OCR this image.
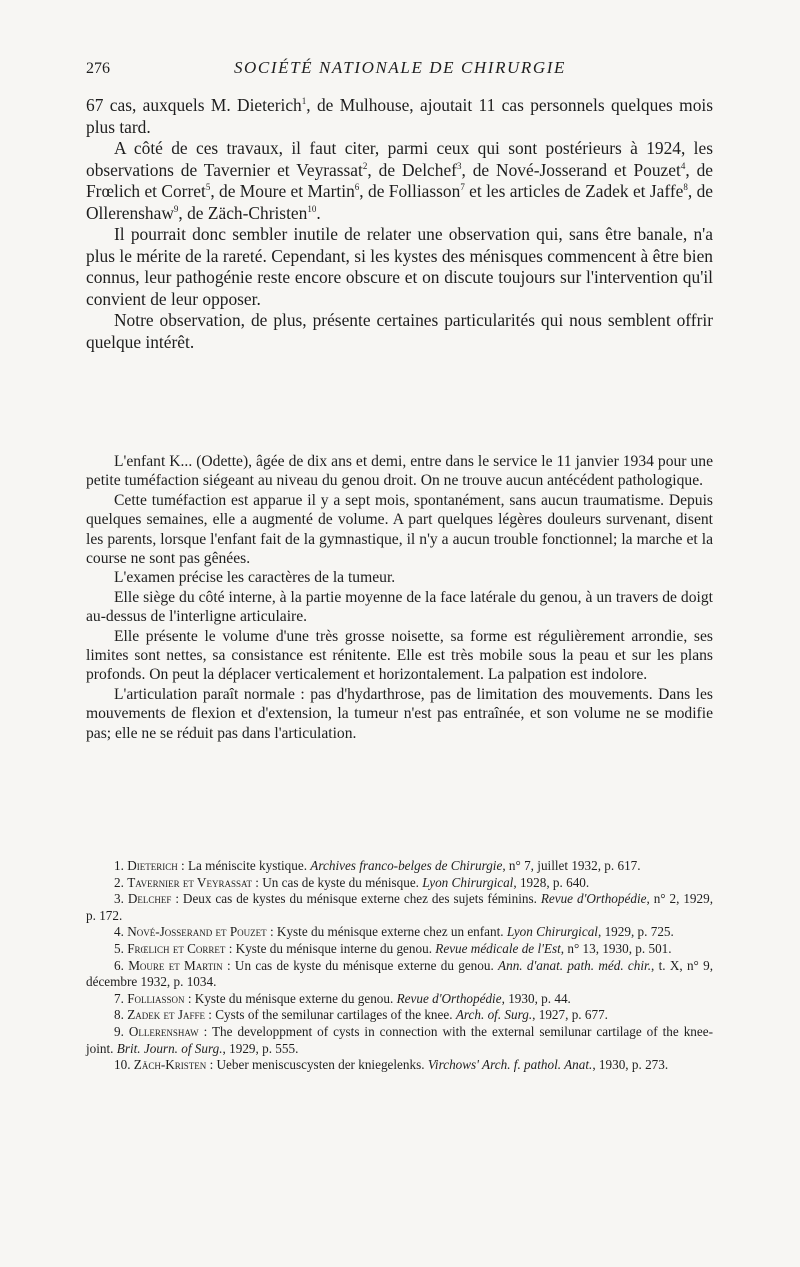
276	SOCIÉTÉ NATIONALE DE CHIRURGIE

67 cas, auxquels M. Dieterich$^1$, de Mulhouse, ajoutait 11 cas personnels quelques mois plus tard.

A côté de ces travaux, il faut citer, parmi ceux qui sont postérieurs à 1924, les observations de Tavernier et Veyrassat$^2$, de Delchef$^3$, de Nové-Josserand et Pouzet$^4$, de Frœlich et Corret$^5$, de Moure et Martin$^6$, de Folliasson$^7$ et les articles de Zadek et Jaffe$^8$, de Ollerenshaw$^9$, de Zäch-Christen$^{10}$.

Il pourrait donc sembler inutile de relater une observation qui, sans être banale, n'a plus le mérite de la rareté. Cependant, si les kystes des ménisques commencent à être bien connus, leur pathogénie reste encore obscure et on discute toujours sur l'intervention qu'il convient de leur opposer.

Notre observation, de plus, présente certaines particularités qui nous semblent offrir quelque intérêt.

L'enfant K... (Odette), âgée de dix ans et demi, entre dans le service le 11 janvier 1934 pour une petite tuméfaction siégeant au niveau du genou droit. On ne trouve aucun antécédent pathologique.

Cette tuméfaction est apparue il y a sept mois, spontanément, sans aucun traumatisme. Depuis quelques semaines, elle a augmenté de volume. A part quelques légères douleurs survenant, disent les parents, lorsque l'enfant fait de la gymnastique, il n'y a aucun trouble fonctionnel; la marche et la course ne sont pas gênées.

L'examen précise les caractères de la tumeur.

Elle siège du côté interne, à la partie moyenne de la face latérale du genou, à un travers de doigt au-dessus de l'interligne articulaire.

Elle présente le volume d'une très grosse noisette, sa forme est régulièrement arrondie, ses limites sont nettes, sa consistance est rénitente. Elle est très mobile sous la peau et sur les plans profonds. On peut la déplacer verticalement et horizontalement. La palpation est indolore.

L'articulation paraît normale : pas d'hydarthrose, pas de limitation des mouvements. Dans les mouvements de flexion et d'extension, la tumeur n'est pas entraînée, et son volume ne se modifie pas; elle ne se réduit pas dans l'articulation.

1. Dieterich : La méniscite kystique. Archives franco-belges de Chirurgie, n° 7, juillet 1932, p. 617.

2. Tavernier et Veyrassat : Un cas de kyste du ménisque. Lyon Chirurgical, 1928, p. 640.

3. Delchef : Deux cas de kystes du ménisque externe chez des sujets féminins. Revue d'Orthopédie, n° 2, 1929, p. 172.

4. Nové-Josserand et Pouzet : Kyste du ménisque externe chez un enfant. Lyon Chirurgical, 1929, p. 725.

5. Frœlich et Corret : Kyste du ménisque interne du genou. Revue médicale de l'Est, n° 13, 1930, p. 501.

6. Moure et Martin : Un cas de kyste du ménisque externe du genou. Ann. d'anat. path. méd. chir., t. X, n° 9, décembre 1932, p. 1034.

7. Folliasson : Kyste du ménisque externe du genou. Revue d'Orthopédie, 1930, p. 44.

8. Zadek et Jaffe : Cysts of the semilunar cartilages of the knee. Arch. of. Surg., 1927, p. 677.

9. Ollerenshaw : The developpment of cysts in connection with the external semilunar cartilage of the knee-joint. Brit. Journ. of Surg., 1929, p. 555.

10. Zäch-Kristen : Ueber meniscuscysten der kniegelenks. Virchows' Arch. f. pathol. Anat., 1930, p. 273.
